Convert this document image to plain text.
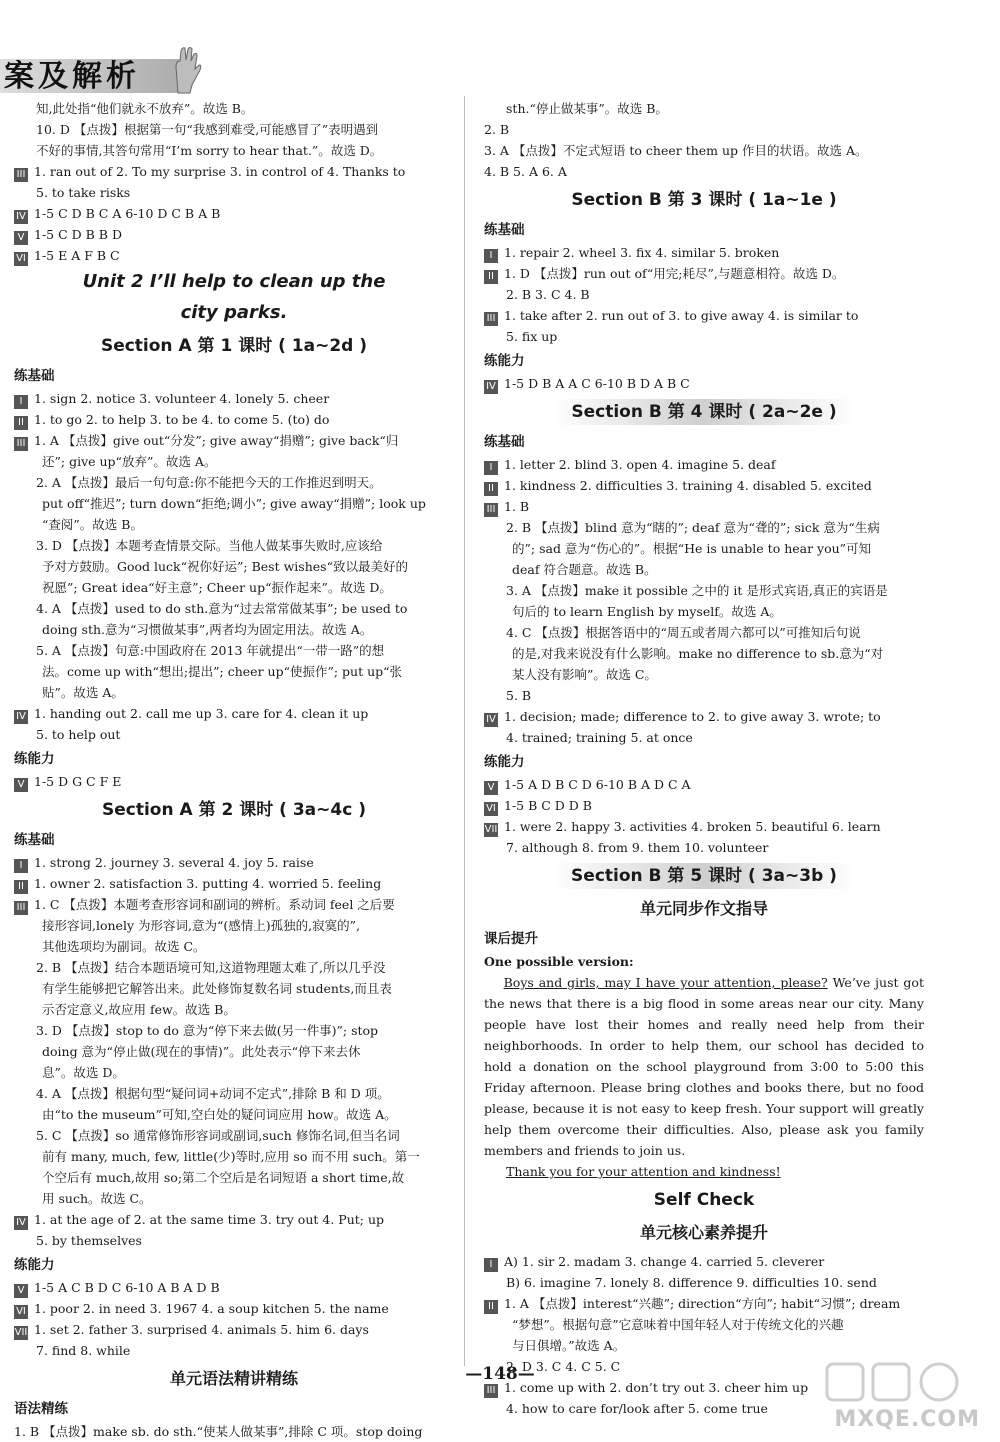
案及解析
知,此处指“他们就永不放弃”。故选 B。
10. D 【点拨】根据第一句“我感到难受,可能感冒了”表明遇到
不好的事情,其答句常用“I’m sorry to hear that.”。故选 D。
III 1. ran out of 2. To my surprise 3. in control of 4. Thanks to
5. to take risks
IV 1-5 C D B C A 6-10 D C B A B
V 1-5 C D B B D
VI 1-5 E A F B C
Unit 2 I’ll help to clean up the
city parks.
Section A 第 1 课时 ( 1a~2d )
练基础
I 1. sign 2. notice 3. volunteer 4. lonely 5. cheer
II 1. to go 2. to help 3. to be 4. to come 5. (to) do
III 1. A 【点拨】give out“分发”; give away“捐赠”; give back“归
还”; give up“放弃”。故选 A。
2. A 【点拨】最后一句句意:你不能把今天的工作推迟到明天。
put off“推迟”; turn down“拒绝;调小”; give away“捐赠”; look up
“查阅”。故选 B。
3. D 【点拨】本题考查情景交际。当他人做某事失败时,应该给
予对方鼓励。Good luck“祝你好运”; Best wishes“致以最美好的
祝愿”; Great idea“好主意”; Cheer up“振作起来”。故选 D。
4. A 【点拨】used to do sth.意为“过去常常做某事”; be used to
doing sth.意为“习惯做某事”,两者均为固定用法。故选 A。
5. A 【点拨】句意:中国政府在 2013 年就提出“一带一路”的想
法。come up with“想出;提出”; cheer up“使振作”; put up“张
贴”。故选 A。
IV 1. handing out 2. call me up 3. care for 4. clean it up
5. to help out
练能力
V 1-5 D G C F E
Section A 第 2 课时 ( 3a~4c )
练基础
I 1. strong 2. journey 3. several 4. joy 5. raise
II 1. owner 2. satisfaction 3. putting 4. worried 5. feeling
III 1. C 【点拨】本题考查形容词和副词的辨析。系动词 feel 之后要
接形容词,lonely 为形容词,意为“(感情上)孤独的,寂寞的”,
其他选项均为副词。故选 C。
2. B 【点拨】结合本题语境可知,这道物理题太难了,所以几乎没
有学生能够把它解答出来。此处修饰复数名词 students,而且表
示否定意义,故应用 few。故选 B。
3. D 【点拨】stop to do 意为“停下来去做(另一件事)”; stop
doing 意为“停止做(现在的事情)”。此处表示“停下来去休
息”。故选 D。
4. A 【点拨】根据句型“疑问词+动词不定式”,排除 B 和 D 项。
由“to the museum”可知,空白处的疑问词应用 how。故选 A。
5. C 【点拨】so 通常修饰形容词或副词,such 修饰名词,但当名词
前有 many, much, few, little(少)等时,应用 so 而不用 such。第一
个空后有 much,故用 so;第二个空后是名词短语 a short time,故
用 such。故选 C。
IV 1. at the age of 2. at the same time 3. try out 4. Put; up
5. by themselves
练能力
V 1-5 A C B D C 6-10 A B A D B
VI 1. poor 2. in need 3. 1967 4. a soup kitchen 5. the name
VII 1. set 2. father 3. surprised 4. animals 5. him 6. days
7. find 8. while
单元语法精讲精练
语法精练
1. B 【点拨】make sb. do sth.“使某人做某事”,排除 C 项。stop doing
sth.“停止做某事”。故选 B。
2. B
3. A 【点拨】不定式短语 to cheer them up 作目的状语。故选 A。
4. B 5. A 6. A
Section B 第 3 课时 ( 1a~1e )
练基础
I 1. repair 2. wheel 3. fix 4. similar 5. broken
II 1. D 【点拨】run out of“用完;耗尽”,与题意相符。故选 D。
2. B 3. C 4. B
III 1. take after 2. run out of 3. to give away 4. is similar to
5. fix up
练能力
IV 1-5 D B A A C 6-10 B D A B C
Section B 第 4 课时 ( 2a~2e )
练基础
I 1. letter 2. blind 3. open 4. imagine 5. deaf
II 1. kindness 2. difficulties 3. training 4. disabled 5. excited
III 1. B
2. B 【点拨】blind 意为“瞎的”; deaf 意为“聋的”; sick 意为“生病
的”; sad 意为“伤心的”。根据“He is unable to hear you”可知
deaf 符合题意。故选 B。
3. A 【点拨】make it possible 之中的 it 是形式宾语,真正的宾语是
句后的 to learn English by myself。故选 A。
4. C 【点拨】根据答语中的“周五或者周六都可以”可推知后句说
的是,对我来说没有什么影响。make no difference to sb.意为“对
某人没有影响”。故选 C。
5. B
IV 1. decision; made; difference to 2. to give away 3. wrote; to
4. trained; training 5. at once
练能力
V 1-5 A D B C D 6-10 B A D C A
VI 1-5 B C D D B
VII 1. were 2. happy 3. activities 4. broken 5. beautiful 6. learn
7. although 8. from 9. them 10. volunteer
Section B 第 5 课时 ( 3a~3b )
单元同步作文指导
课后提升
One possible version:
Boys and girls, may I have your attention, please? We’ve just got the news that there is a big flood in some areas near our city. Many people have lost their homes and really need help from their neighborhoods. In order to help them, our school has decided to hold a donation on the school playground from 3:00 to 5:00 this Friday afternoon. Please bring clothes and books there, but no food please, because it is not easy to keep fresh. Your support will greatly help them overcome their difficulties. Also, please ask you family members and friends to join us.
Thank you for your attention and kindness!
Self Check
单元核心素养提升
I A) 1. sir 2. madam 3. change 4. carried 5. cleverer
B) 6. imagine 7. lonely 8. difference 9. difficulties 10. send
II 1. A 【点拨】interest“兴趣”; direction“方向”; habit“习惯”; dream
“梦想”。根据句意”它意味着中国年轻人对于传统文化的兴趣
与日俱增。”故选 A。
2. D 3. C 4. C 5. C
III 1. come up with 2. don’t try out 3. cheer him up
4. how to care for/look after 5. come true
—148—
MXQE.COM
